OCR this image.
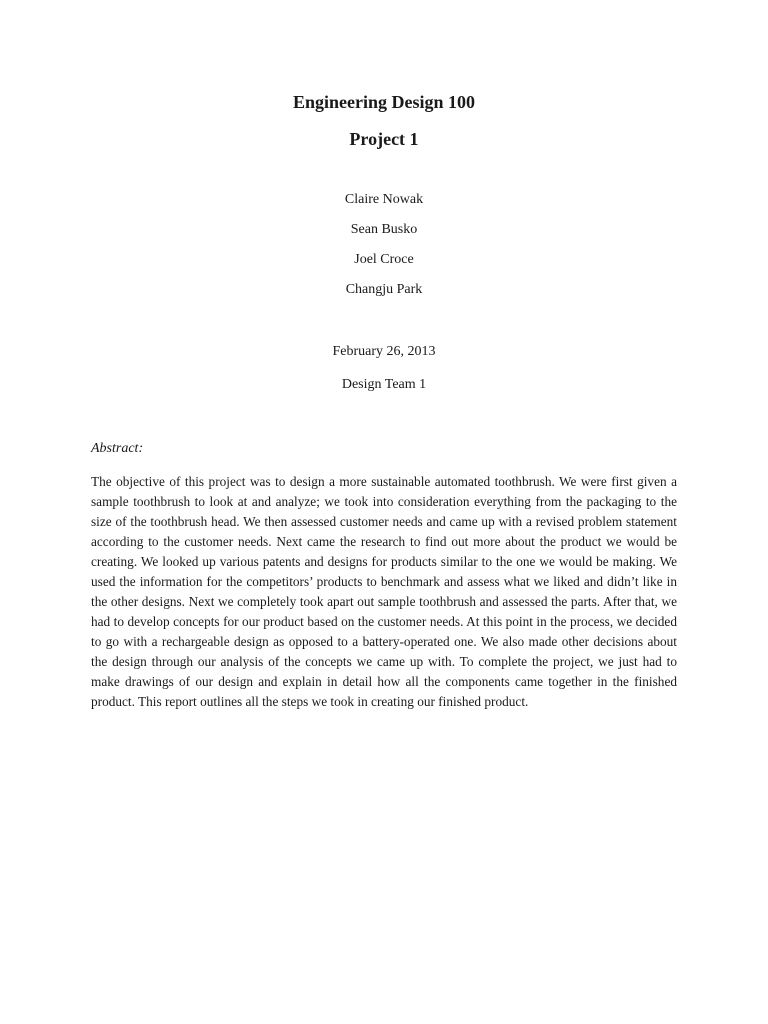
Engineering Design 100
Project 1
Claire Nowak
Sean Busko
Joel Croce
Changju Park

February 26, 2013

Design Team 1

Abstract:

The objective of this project was to design a more sustainable automated toothbrush. We were first given a sample toothbrush to look at and analyze; we took into consideration everything from the packaging to the size of the toothbrush head. We then assessed customer needs and came up with a revised problem statement according to the customer needs. Next came the research to find out more about the product we would be creating. We looked up various patents and designs for products similar to the one we would be making. We used the information for the competitors’ products to benchmark and assess what we liked and didn’t like in the other designs. Next we completely took apart out sample toothbrush and assessed the parts. After that, we had to develop concepts for our product based on the customer needs. At this point in the process, we decided to go with a rechargeable design as opposed to a battery-operated one. We also made other decisions about the design through our analysis of the concepts we came up with. To complete the project, we just had to make drawings of our design and explain in detail how all the components came together in the finished product. This report outlines all the steps we took in creating our finished product.
